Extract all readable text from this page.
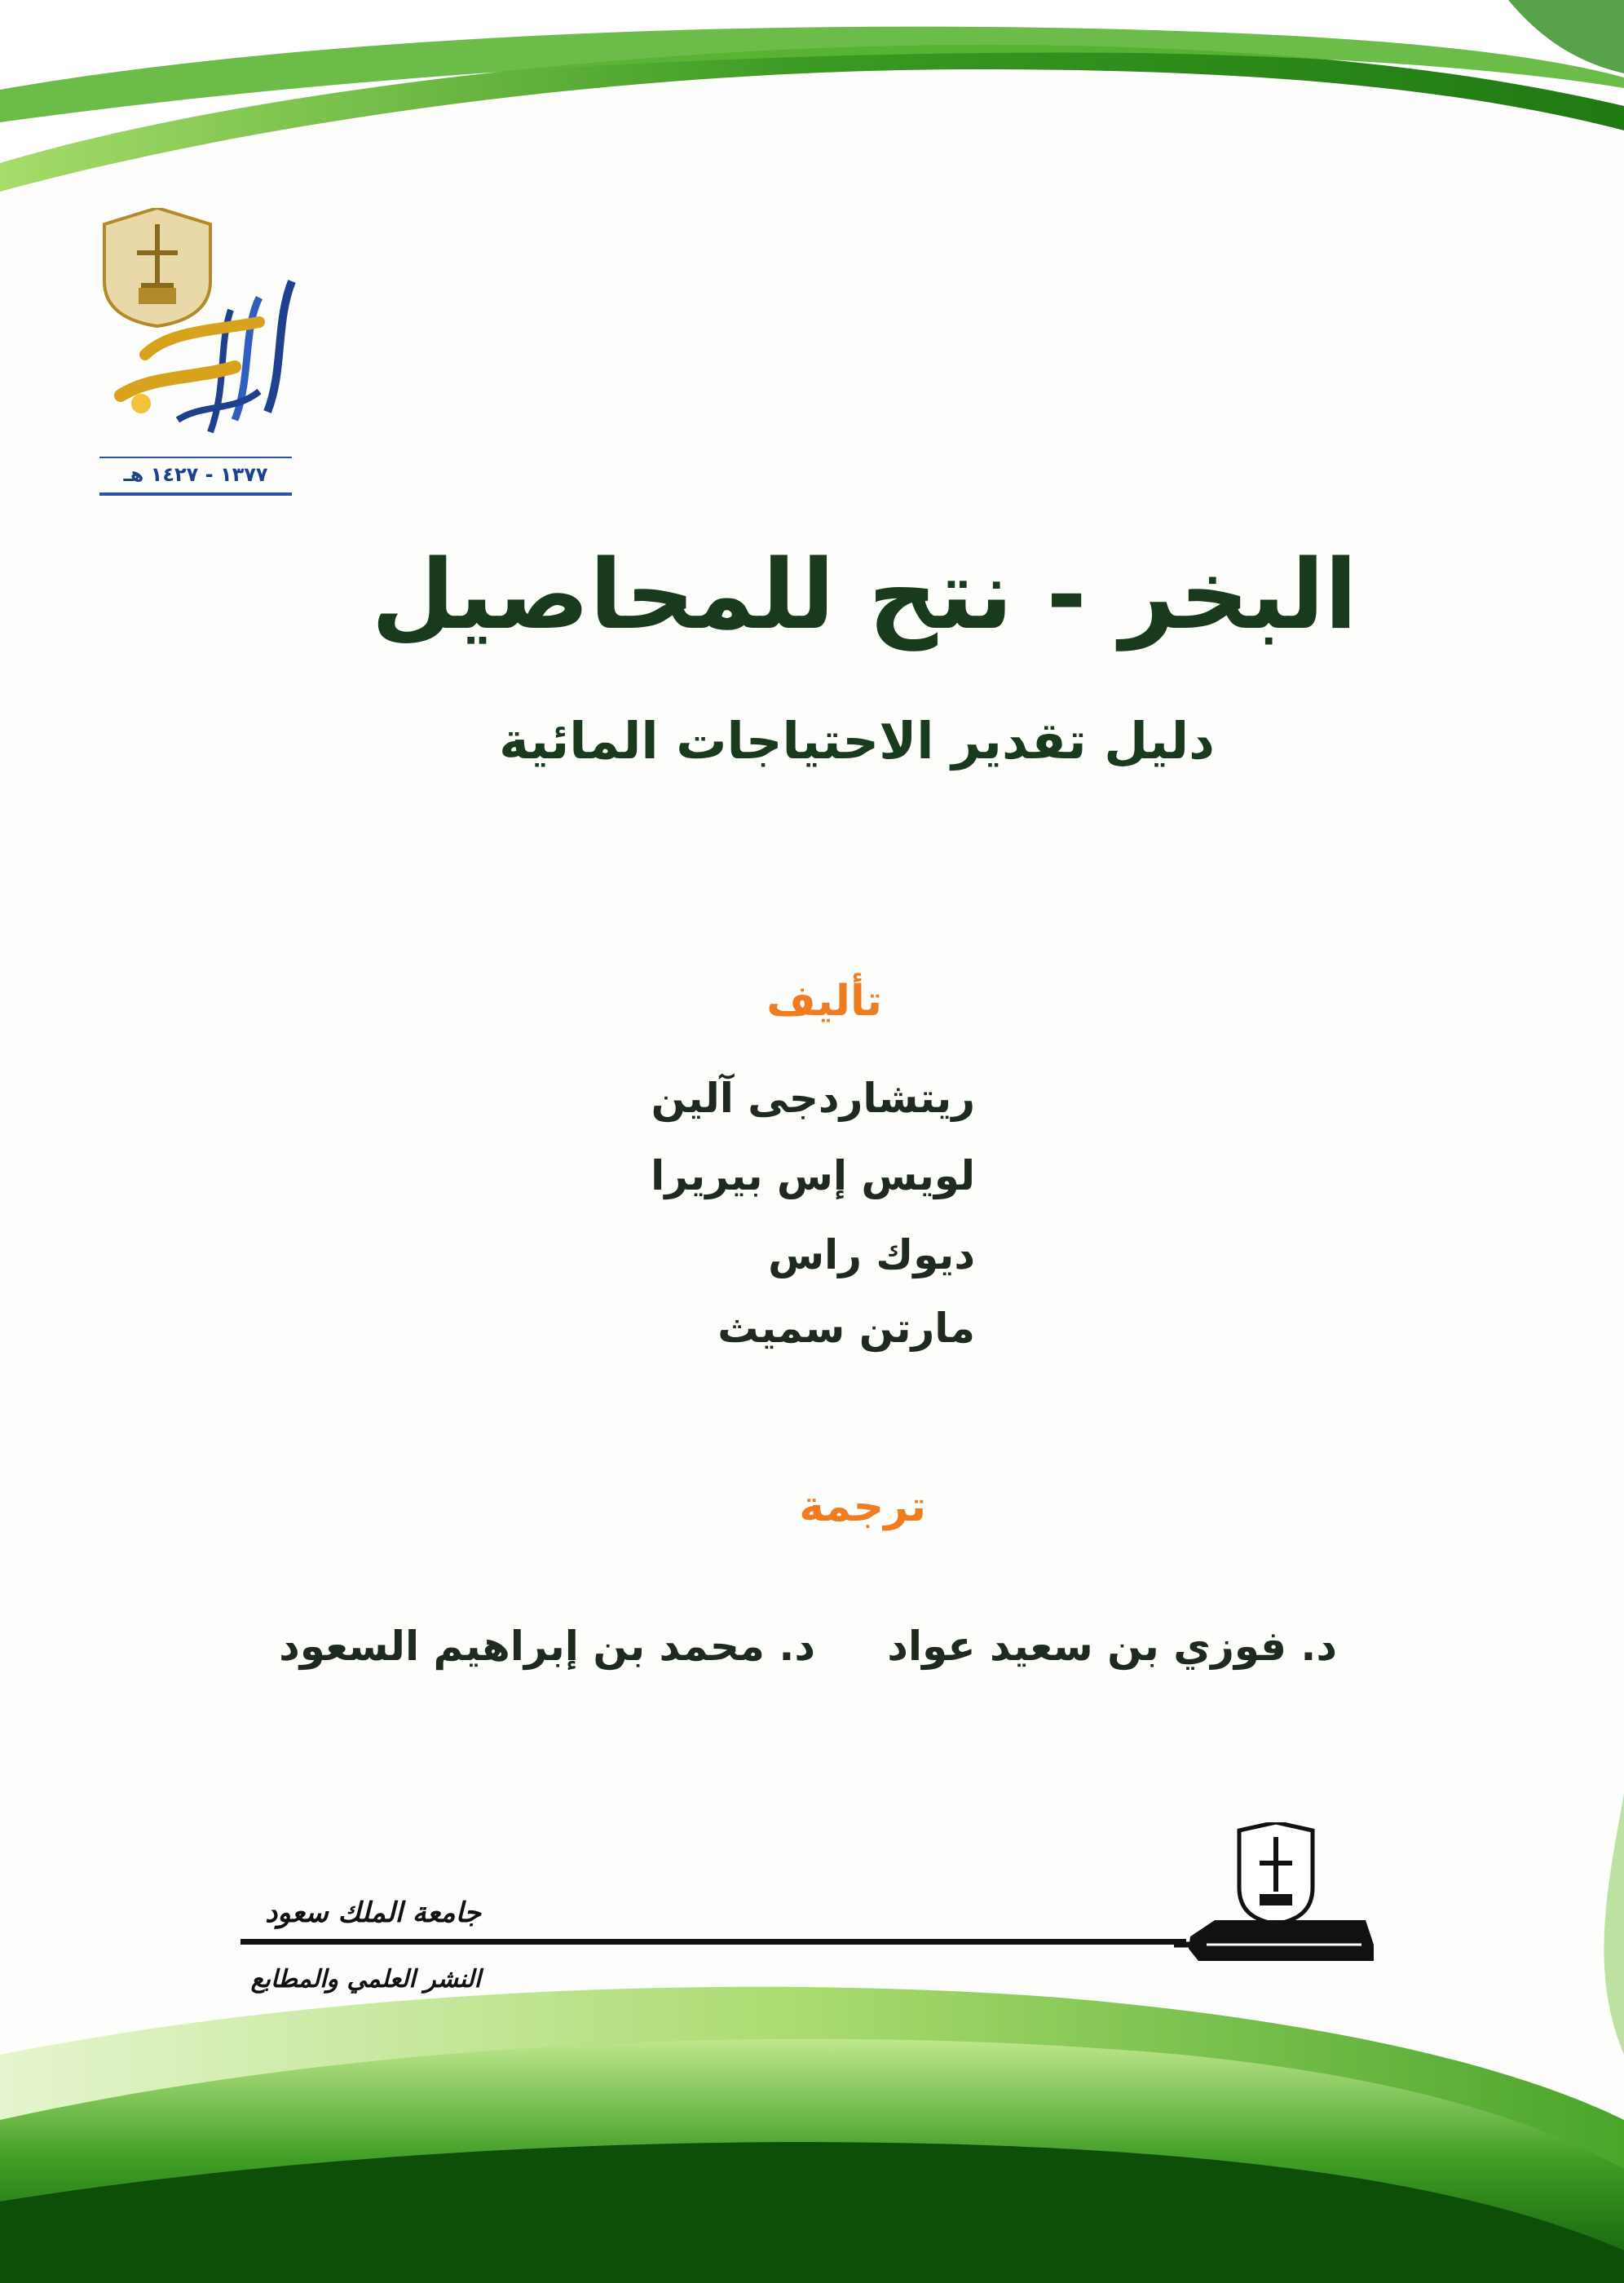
١٣٧٧ - ١٤٢٧ هـ
البخر - نتح للمحاصيل
دليل تقدير الاحتياجات المائية
تأليف
ريتشاردجى آلين
لويس إس بيريرا
ديوك راس
مارتن سميث
ترجمة
د. فوزي بن سعيد عواد
د. محمد بن إبراهيم السعود
جامعة الملك سعود
النشر العلمي والمطابع
